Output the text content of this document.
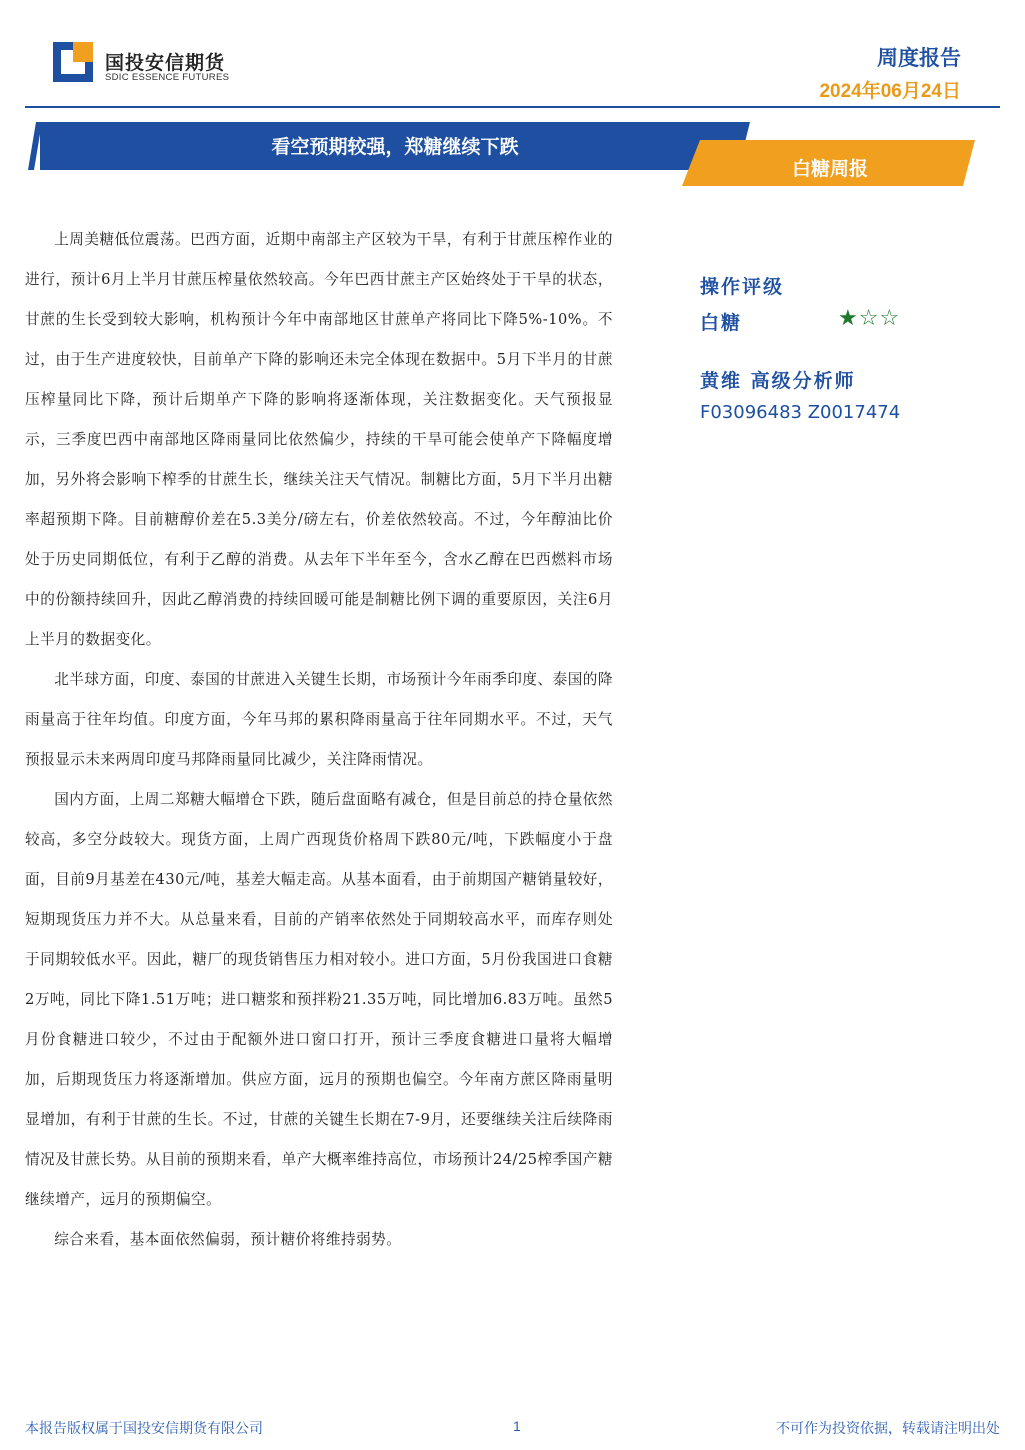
国投安信期货
SDIC ESSENCE FUTURES
周度报告
2024年06月24日
看空预期较强，郑糖继续下跌
白糖周报

上周美糖低位震荡。巴西方面，近期中南部主产区较为干旱，有利于甘蔗压榨作业的进行，预计6月上半月甘蔗压榨量依然较高。今年巴西甘蔗主产区始终处于干旱的状态，甘蔗的生长受到较大影响，机构预计今年中南部地区甘蔗单产将同比下降5%-10%。不过，由于生产进度较快，目前单产下降的影响还未完全体现在数据中。5月下半月的甘蔗压榨量同比下降，预计后期单产下降的影响将逐渐体现，关注数据变化。天气预报显示，三季度巴西中南部地区降雨量同比依然偏少，持续的干旱可能会使单产下降幅度增加，另外将会影响下榨季的甘蔗生长，继续关注天气情况。制糖比方面，5月下半月出糖率超预期下降。目前糖醇价差在5.3美分/磅左右，价差依然较高。不过，今年醇油比价处于历史同期低位，有利于乙醇的消费。从去年下半年至今，含水乙醇在巴西燃料市场中的份额持续回升，因此乙醇消费的持续回暖可能是制糖比例下调的重要原因，关注6月上半月的数据变化。

北半球方面，印度、泰国的甘蔗进入关键生长期，市场预计今年雨季印度、泰国的降雨量高于往年均值。印度方面，今年马邦的累积降雨量高于往年同期水平。不过，天气预报显示未来两周印度马邦降雨量同比减少，关注降雨情况。

国内方面，上周二郑糖大幅增仓下跌，随后盘面略有减仓，但是目前总的持仓量依然较高，多空分歧较大。现货方面，上周广西现货价格周下跌80元/吨，下跌幅度小于盘面，目前9月基差在430元/吨，基差大幅走高。从基本面看，由于前期国产糖销量较好，短期现货压力并不大。从总量来看，目前的产销率依然处于同期较高水平，而库存则处于同期较低水平。因此，糖厂的现货销售压力相对较小。进口方面，5月份我国进口食糖2万吨，同比下降1.51万吨；进口糖浆和预拌粉21.35万吨，同比增加6.83万吨。虽然5月份食糖进口较少，不过由于配额外进口窗口打开，预计三季度食糖进口量将大幅增加，后期现货压力将逐渐增加。供应方面，远月的预期也偏空。今年南方蔗区降雨量明显增加，有利于甘蔗的生长。不过，甘蔗的关键生长期在7-9月，还要继续关注后续降雨情况及甘蔗长势。从目前的预期来看，单产大概率维持高位，市场预计24/25榨季国产糖继续增产，远月的预期偏空。

综合来看，基本面依然偏弱，预计糖价将维持弱势。

操作评级
白糖	★☆☆
黄维 高级分析师
F03096483 Z0017474
本报告版权属于国投安信期货有限公司	1	不可作为投资依据，转载请注明出处
